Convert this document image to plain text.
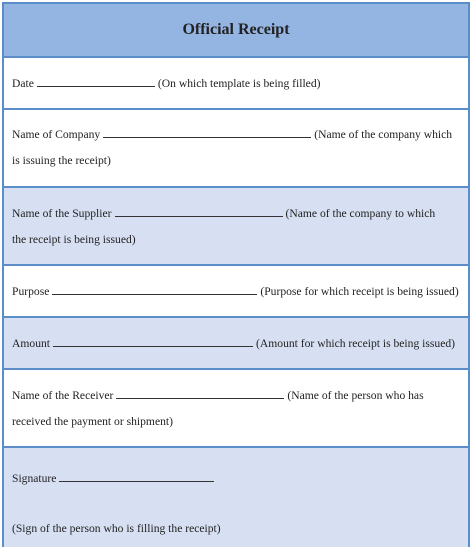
Official Receipt
Date	(On which template is being filled)
Name of Company	(Name of the company which
is issuing the receipt)
Name of the Supplier	(Name of the company to which
the receipt is being issued)
Purpose	(Purpose for which receipt is being issued)
Amount	(Amount for which receipt is being issued)
Name of the Receiver	(Name of the person who has
received the payment or shipment)
Signature
(Sign of the person who is filling the receipt)
